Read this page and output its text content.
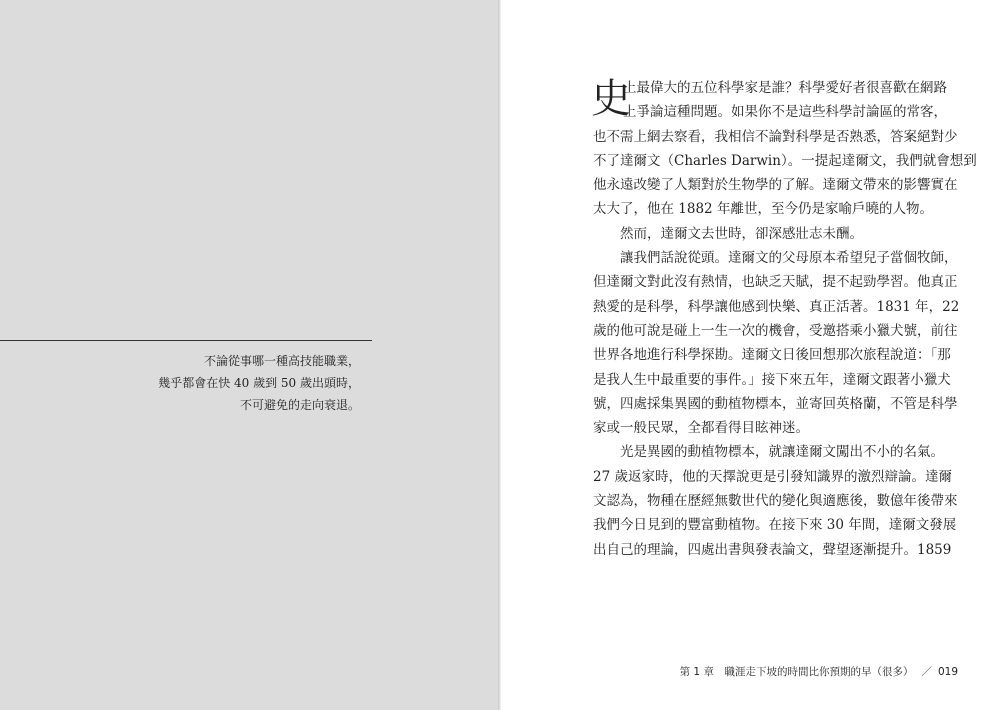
不論從事哪一種高技能職業，
幾乎都會在快 40 歲到 50 歲出頭時，
不可避免的走向衰退。
史
上最偉大的五位科學家是誰？科學愛好者很喜歡在網路
上爭論這種問題。如果你不是這些科學討論區的常客，
也不需上網去察看，我相信不論對科學是否熟悉，答案絕對少
不了達爾文（Charles Darwin）。一提起達爾文，我們就會想到
他永遠改變了人類對於生物學的了解。達爾文帶來的影響實在
太大了，他在 1882 年離世，至今仍是家喻戶曉的人物。
然而，達爾文去世時，卻深感壯志未酬。
讓我們話說從頭。達爾文的父母原本希望兒子當個牧師，
但達爾文對此沒有熱情，也缺乏天賦，提不起勁學習。他真正
熱愛的是科學，科學讓他感到快樂、真正活著。1831 年，22
歲的他可說是碰上一生一次的機會，受邀搭乘小獵犬號，前往
世界各地進行科學探勘。達爾文日後回想那次旅程說道：「那
是我人生中最重要的事件。」接下來五年，達爾文跟著小獵犬
號，四處採集異國的動植物標本，並寄回英格蘭，不管是科學
家或一般民眾，全都看得目眩神迷。
光是異國的動植物標本，就讓達爾文闖出不小的名氣。
27 歲返家時，他的天擇說更是引發知識界的激烈辯論。達爾
文認為，物種在歷經無數世代的變化與適應後，數億年後帶來
我們今日見到的豐富動植物。在接下來 30 年間，達爾文發展
出自己的理論，四處出書與發表論文，聲望逐漸提升。1859
第 1 章　職涯走下坡的時間比你預期的早（很多） ／ 019
